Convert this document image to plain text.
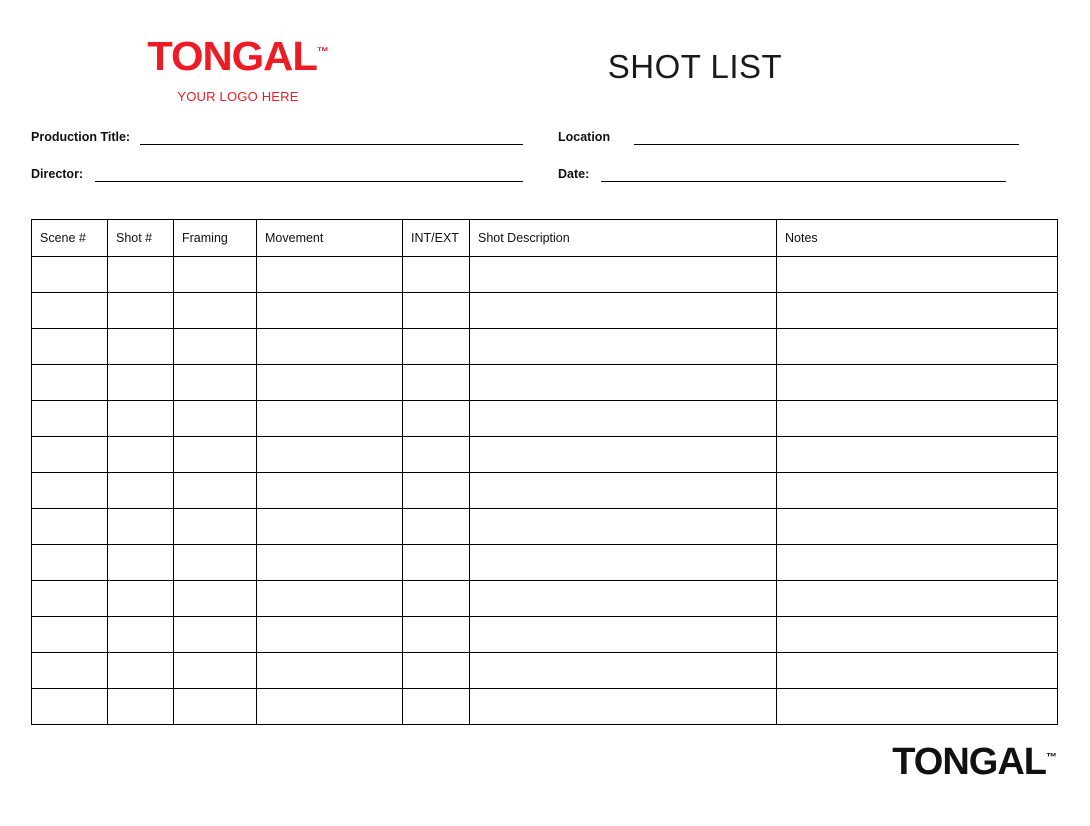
TONGAL™
YOUR LOGO HERE
SHOT LIST
Production Title:	Location
Director:	Date:
Scene #	Shot #	Framing	Movement	INT/EXT	Shot Description	Notes

TONGAL™
